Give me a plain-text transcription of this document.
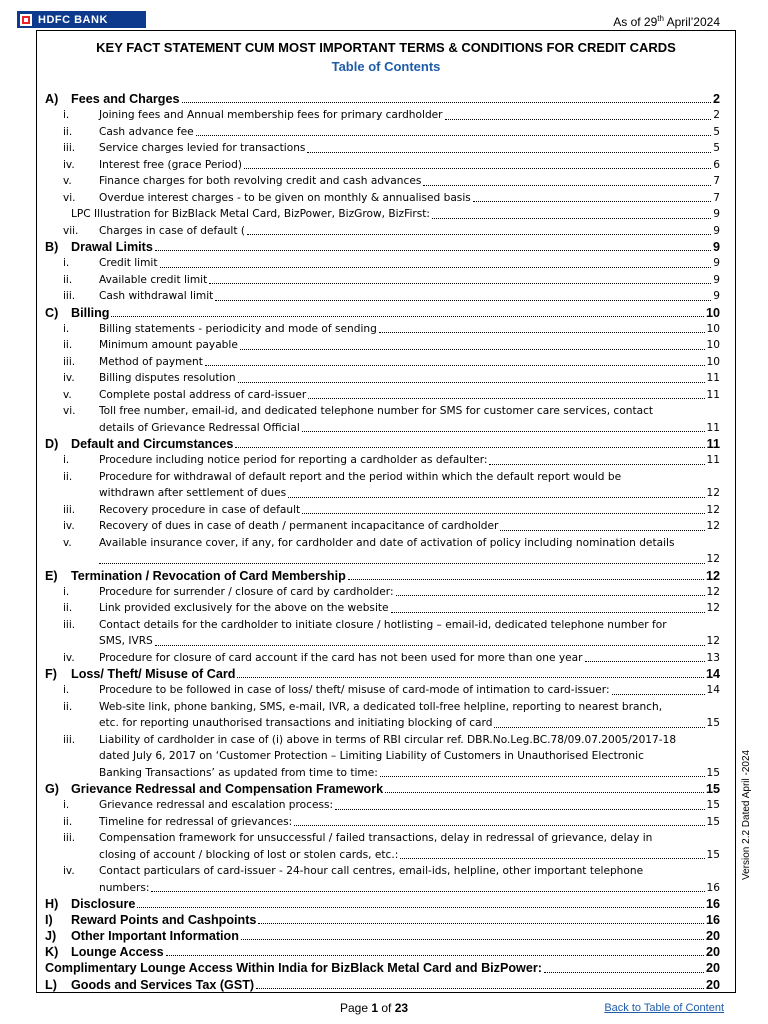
HDFC BANK	As of 29th April’2024
KEY FACT STATEMENT CUM MOST IMPORTANT TERMS & CONDITIONS FOR CREDIT CARDS
Table of Contents
A) Fees and Charges	2
i.	Joining fees and Annual membership fees for primary cardholder	2
ii.	Cash advance fee	5
iii. Service charges levied for transactions	5
iv. Interest free (grace Period)	6
v.	Finance charges for both revolving credit and cash advances	7
vi. Overdue interest charges - to be given on monthly & annualised basis	7
LPC Illustration for BizBlack Metal Card, BizPower, BizGrow, BizFirst:	9
vii. Charges in case of default (	9
B) Drawal Limits	9
i.	Credit limit	9
ii.	Available credit limit	9
iii. Cash withdrawal limit	9
C) Billing	10
i.	Billing statements - periodicity and mode of sending	10
ii.	Minimum amount payable	10
iii. Method of payment	10
iv. Billing disputes resolution	11
v.	Complete postal address of card-issuer	11
vi. Toll free number, email-id, and dedicated telephone number for SMS for customer care services, contact
details of Grievance Redressal Official	11
D) Default and Circumstances	11
i.	Procedure including notice period for reporting a cardholder as defaulter:	11
ii.	Procedure for withdrawal of default report and the period within which the default report would be
withdrawn after settlement of dues	12
iii. Recovery procedure in case of default	12
iv. Recovery of dues in case of death / permanent incapacitance of cardholder	12
v.	Available insurance cover, if any, for cardholder and date of activation of policy including nomination details
12
E) Termination / Revocation of Card Membership	12
i.	Procedure for surrender / closure of card by cardholder:	12
ii.	Link provided exclusively for the above on the website	12
iii. Contact details for the cardholder to initiate closure / hotlisting – email-id, dedicated telephone number for
SMS, IVRS	12
iv. Procedure for closure of card account if the card has not been used for more than one year	13
F) Loss/ Theft/ Misuse of Card	14
i.	Procedure to be followed in case of loss/ theft/ misuse of card-mode of intimation to card-issuer:	14
ii.	Web-site link, phone banking, SMS, e-mail, IVR, a dedicated toll-free helpline, reporting to nearest branch,
etc. for reporting unauthorised transactions and initiating blocking of card	15
iii. Liability of cardholder in case of (i) above in terms of RBI circular ref. DBR.No.Leg.BC.78/09.07.2005/2017-18
dated July 6, 2017 on ‘Customer Protection – Limiting Liability of Customers in Unauthorised Electronic
Banking Transactions’ as updated from time to time:	15
G) Grievance Redressal and Compensation Framework	15
i.	Grievance redressal and escalation process:	15
ii.	Timeline for redressal of grievances:	15
iii. Compensation framework for unsuccessful / failed transactions, delay in redressal of grievance, delay in
closing of account / blocking of lost or stolen cards, etc.:	15
iv. Contact particulars of card-issuer - 24-hour call centres, email-ids, helpline, other important telephone
numbers:	16
H) Disclosure	16
I) Reward Points and Cashpoints	16
J) Other Important Information	20
K) Lounge Access	20
Complimentary Lounge Access Within India for BizBlack Metal Card and BizPower:	20
L) Goods and Services Tax (GST)	20
Version 2.2 Dated April -2024
Page 1 of 23	Back to Table of Content
